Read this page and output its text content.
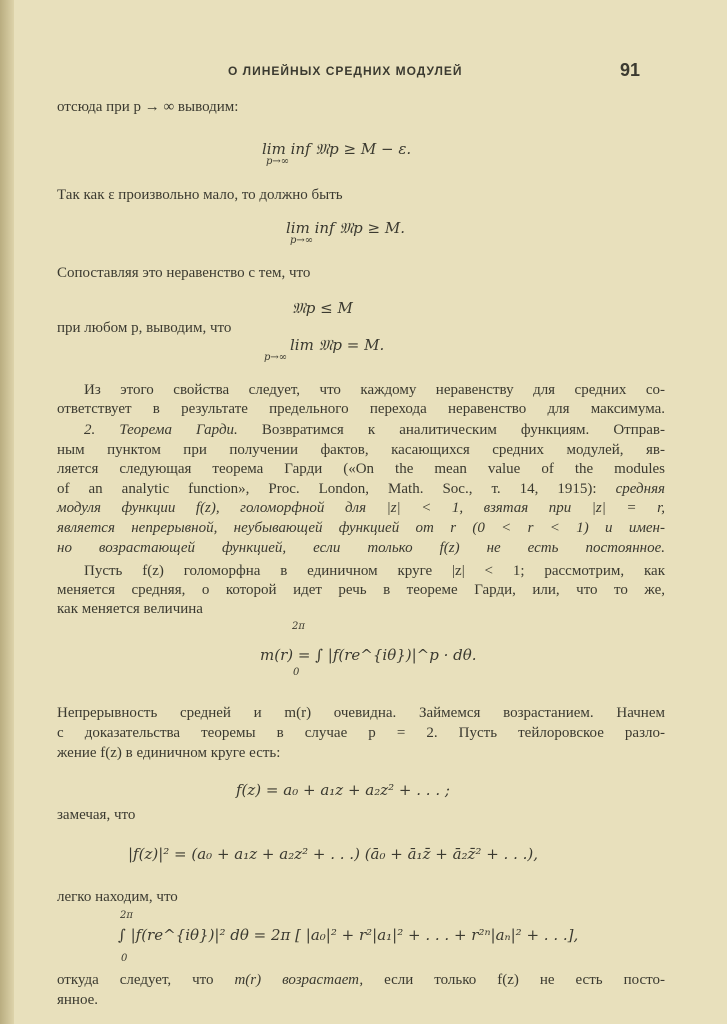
О ЛИНЕЙНЫХ СРЕДНИХ МОДУЛЕЙ	91
отсюда при p → ∞ выводим:
lim inf 𝔐p ≥ M − ε.
p→∞
Так как ε произвольно мало, то должно быть
lim inf 𝔐p ≥ M.
p→∞
Сопоставляя это неравенство с тем, что
𝔐p ≤ M
при любом p, выводим, что
lim 𝔐p = M.
p→∞
Из этого свойства следует, что каждому неравенству для средних со-
ответствует в результате предельного перехода неравенство для максимума.
2. Теорема Гарди. Возвратимся к аналитическим функциям. Отправ-
ным пунктом при получении фактов, касающихся средних модулей, яв-
ляется следующая теорема Гарди («On the mean value of the modules
of an analytic function», Proc. London, Math. Soc., т. 14, 1915): средняя
модуля функции f(z), голоморфной для |z| < 1, взятая при |z| = r,
является непрерывной, неубывающей функцией от r (0 < r < 1) и имен-
но возрастающей функцией, если только f(z) не есть постоянное.
Пусть f(z) голоморфна в единичном круге |z| < 1; рассмотрим, как
меняется средняя, о которой идет речь в теореме Гарди, или, что то же,
как меняется величина
2π
m(r) = ∫ |f(re^{iθ})|^p · dθ.
0
Непрерывность средней и m(r) очевидна. Займемся возрастанием. Начнем
с доказательства теоремы в случае p = 2. Пусть тейлоровское разло-
жение f(z) в единичном круге есть:
f(z) = a₀ + a₁z + a₂z² + . . . ;
замечая, что
|f(z)|² = (a₀ + a₁z + a₂z² + . . .) (ā₀ + ā₁z̄ + ā₂z̄² + . . .),
легко находим, что
2π
∫ |f(re^{iθ})|² dθ = 2π [ |a₀|² + r²|a₁|² + . . . + r²ⁿ|aₙ|² + . . .],
0
откуда следует, что m(r) возрастает, если только f(z) не есть посто-
янное.
